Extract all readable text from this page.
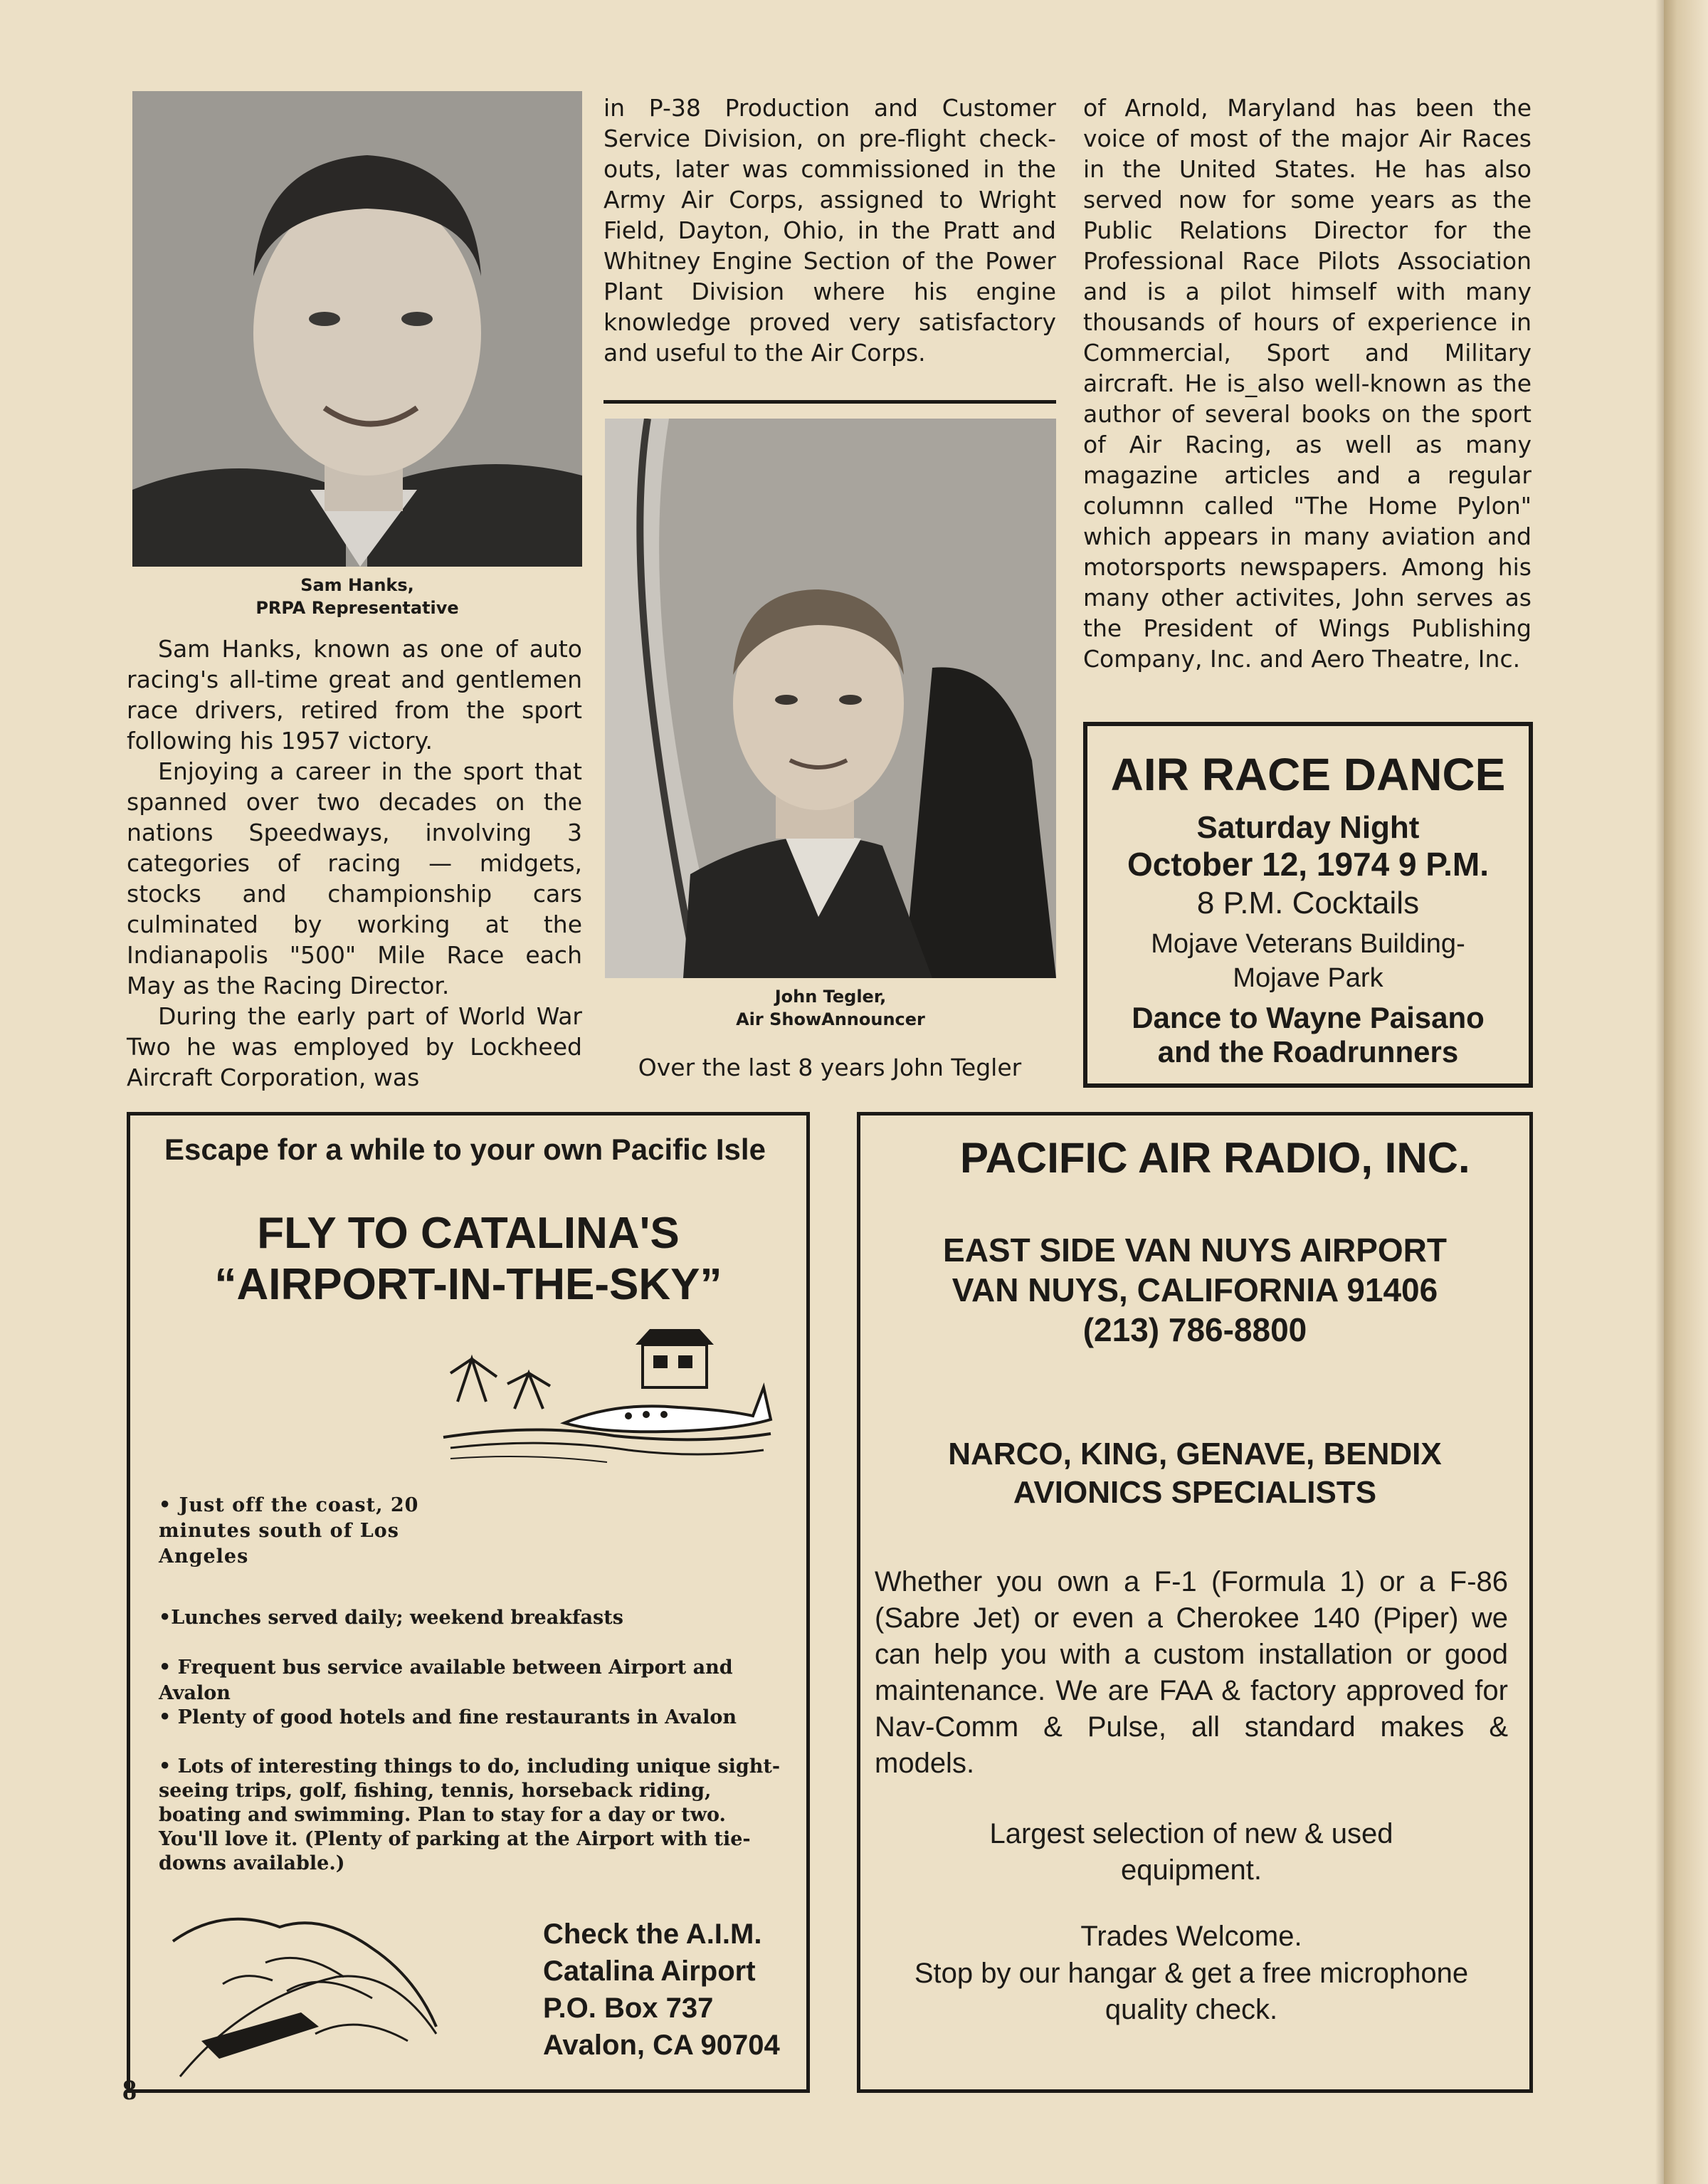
Sam Hanks,
PRPA Representative

Sam Hanks, known as one of auto racing's all-time great and gentlemen race drivers, retired from the sport following his 1957 victory.

Enjoying a career in the sport that spanned over two decades on the nations Speedways, involving 3 categories of racing — midgets, stocks and championship cars culminated by working at the Indianapolis "500" Mile Race each May as the Racing Director.

During the early part of World War Two he was employed by Lockheed Aircraft Corporation, was

in P-38 Production and Customer Service Division, on pre-flight check-outs, later was commissioned in the Army Air Corps, assigned to Wright Field, Dayton, Ohio, in the Pratt and Whitney Engine Section of the Power Plant Division where his engine knowledge proved very satisfactory and useful to the Air Corps.

John Tegler,
Air ShowAnnouncer

Over the last 8 years John Tegler

of Arnold, Maryland has been the voice of most of the major Air Races in the United States. He has also served now for some years as the Public Relations Director for the Professional Race Pilots Association and is a pilot himself with many thousands of hours of experience in Commercial, Sport and Military aircraft. He is_also well-known as the author of several books on the sport of Air Racing, as well as many magazine articles and a regular columnn called "The Home Pylon" which appears in many aviation and motorsports newspapers. Among his many other activites, John serves as the President of Wings Publishing Company, Inc. and Aero Theatre, Inc.

AIR RACE DANCE
Saturday Night
October 12, 1974 9 P.M.
8 P.M. Cocktails
Mojave Veterans Building-
Mojave Park
Dance to Wayne Paisano
and the Roadrunners
Escape for a while to your own Pacific Isle
FLY TO CATALINA'S
“AIRPORT-IN-THE-SKY”
• Just off the coast, 20 minutes south of Los Angeles
•Lunches served daily; weekend breakfasts
• Frequent bus service available between Airport and Avalon
• Plenty of good hotels and fine restaurants in Avalon
• Lots of interesting things to do, including unique sight-seeing trips, golf, fishing, tennis, horseback riding, boating and swimming. Plan to stay for a day or two. You'll love it. (Plenty of parking at the Airport with tie-downs available.)
Check the A.I.M.
Catalina Airport
P.O. Box 737
Avalon, CA 90704
PACIFIC AIR RADIO, INC.
EAST SIDE VAN NUYS AIRPORT
VAN NUYS, CALIFORNIA 91406
(213) 786-8800
NARCO, KING, GENAVE, BENDIX
AVIONICS SPECIALISTS
Whether you own a F-1 (Formula 1) or a F-86 (Sabre Jet) or even a Cherokee 140 (Piper) we can help you with a custom installation or good maintenance. We are FAA & factory approved for Nav-Comm & Pulse, all standard makes & models.
Largest selection of new & used equipment.
Trades Welcome.
Stop by our hangar & get a free microphone quality check.
8
